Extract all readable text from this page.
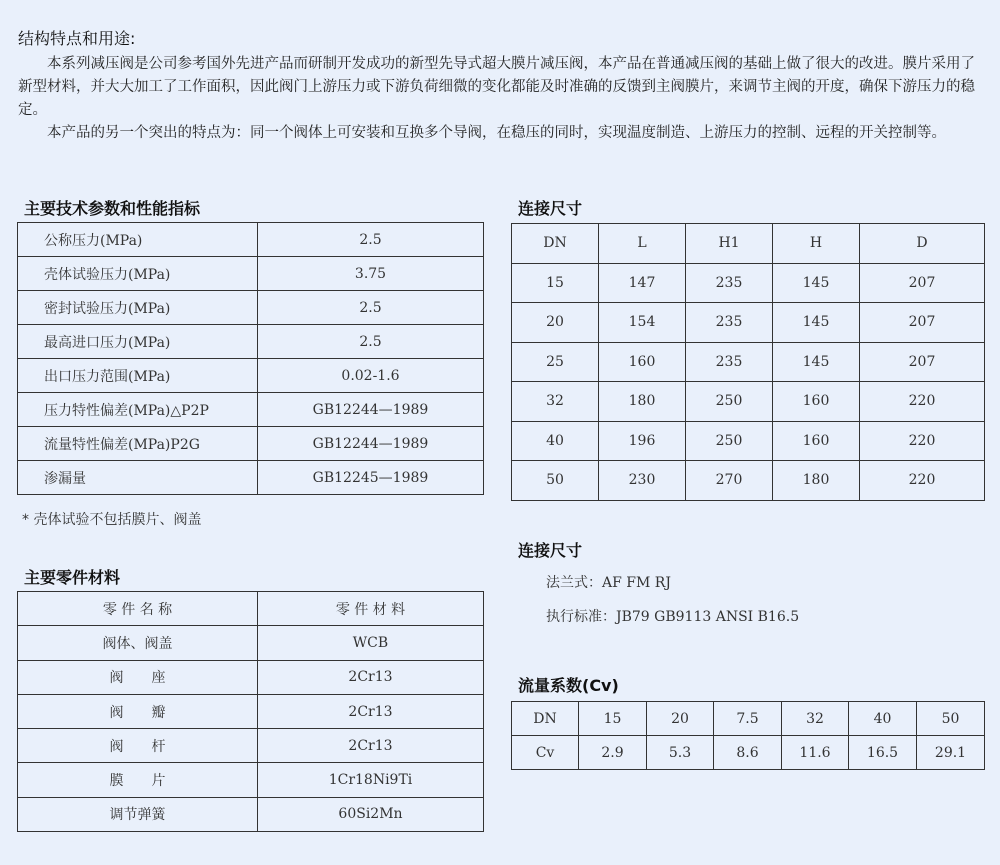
结构特点和用途:

本系列减压阀是公司参考国外先进产品而研制开发成功的新型先导式超大膜片减压阀，本产品在普通减压阀的基础上做了很大的改进。膜片采用了新型材料，并大大加工了工作面积，因此阀门上游压力或下游负荷细微的变化都能及时准确的反馈到主阀膜片，来调节主阀的开度，确保下游压力的稳定。

本产品的另一个突出的特点为：同一个阀体上可安装和互换多个导阀，在稳压的同时，实现温度制造、上游压力的控制、远程的开关控制等。

主要技术参数和性能指标
公称压力(MPa)	2.5
壳体试验压力(MPa)	3.75
密封试验压力(MPa)	2.5
最高进口压力(MPa)	2.5
出口压力范围(MPa)	0.02-1.6
压力特性偏差(MPa)△P2P	GB12244—1989
流量特性偏差(MPa)P2G	GB12244—1989
渗漏量	GB12245—1989
* 壳体试验不包括膜片、阀盖
主要零件材料
零 件 名 称	零 件 材 料
阀体、阀盖	WCB
阀　　座	2Cr13
阀　　瓣	2Cr13
阀　　杆	2Cr13
膜　　片	1Cr18Ni9Ti
调节弹簧	60Si2Mn
连接尺寸
DN	L	H1	H	D
15	147	235	145	207
20	154	235	145	207
25	160	235	145	207
32	180	250	160	220
40	196	250	160	220
50	230	270	180	220
连接尺寸
法兰式：AF FM RJ
执行标准：JB79 GB9113 ANSI B16.5
流量系数(Cv)
DN	15	20	7.5	32	40	50
Cv	2.9	5.3	8.6	11.6	16.5	29.1
